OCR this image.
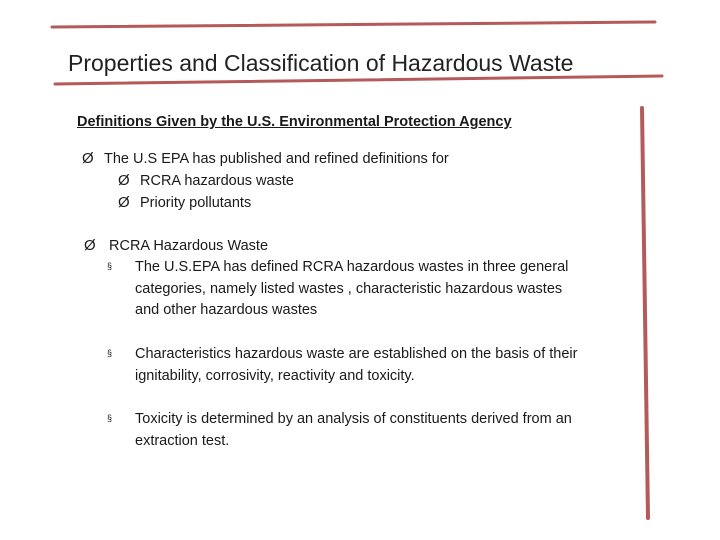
Properties and Classification of Hazardous Waste
Definitions Given by the U.S. Environmental Protection Agency
Ø The U.S EPA has published and refined definitions for
Ø RCRA hazardous waste
Ø Priority pollutants
Ø RCRA Hazardous Waste
§ The U.S.EPA has defined RCRA hazardous wastes in three general categories, namely listed wastes , characteristic hazardous wastes and other hazardous wastes
§ Characteristics hazardous waste are established on the basis of their ignitability, corrosivity, reactivity and toxicity.
§ Toxicity is determined by an analysis of constituents derived from an extraction test.
